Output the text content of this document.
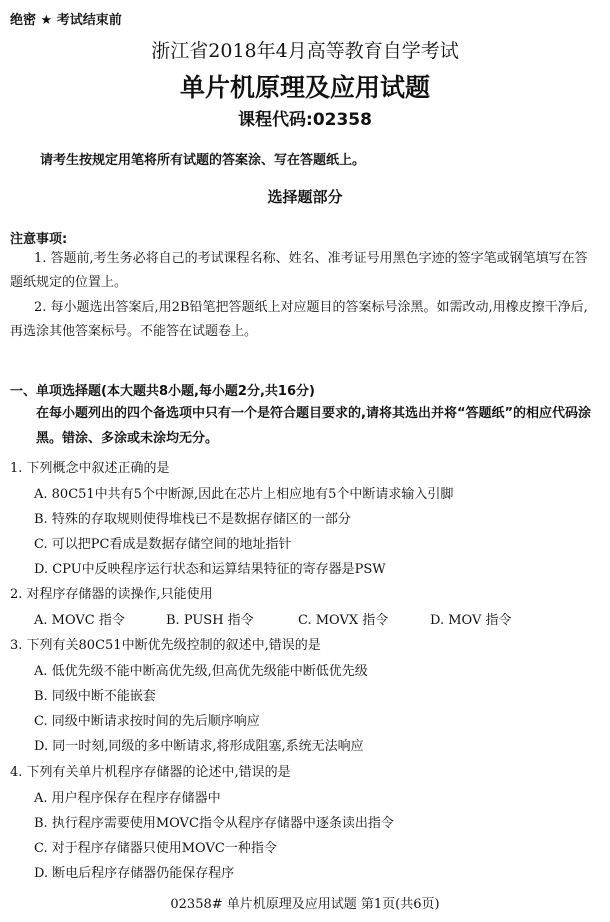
绝密 ★ 考试结束前
浙江省2018年4月高等教育自学考试
单片机原理及应用试题
课程代码:02358
请考生按规定用笔将所有试题的答案涂、写在答题纸上。
选择题部分
注意事项:
1. 答题前,考生务必将自己的考试课程名称、姓名、准考证号用黑色字迹的签字笔或钢笔填写在答题纸规定的位置上。
2. 每小题选出答案后,用2B铅笔把答题纸上对应题目的答案标号涂黑。如需改动,用橡皮擦干净后,再选涂其他答案标号。不能答在试题卷上。
一、单项选择题(本大题共8小题,每小题2分,共16分)
在每小题列出的四个备选项中只有一个是符合题目要求的,请将其选出并将“答题纸”的相应代码涂黑。错涂、多涂或未涂均无分。
1. 下列概念中叙述正确的是
A. 80C51中共有5个中断源,因此在芯片上相应地有5个中断请求输入引脚
B. 特殊的存取规则使得堆栈已不是数据存储区的一部分
C. 可以把PC看成是数据存储空间的地址指针
D. CPU中反映程序运行状态和运算结果特征的寄存器是PSW
2. 对程序存储器的读操作,只能使用
A. MOVC 指令	B. PUSH 指令	C. MOVX 指令	D. MOV 指令
3. 下列有关80C51中断优先级控制的叙述中,错误的是
A. 低优先级不能中断高优先级,但高优先级能中断低优先级
B. 同级中断不能嵌套
C. 同级中断请求按时间的先后顺序响应
D. 同一时刻,同级的多中断请求,将形成阻塞,系统无法响应
4. 下列有关单片机程序存储器的论述中,错误的是
A. 用户程序保存在程序存储器中
B. 执行程序需要使用MOVC指令从程序存储器中逐条读出指令
C. 对于程序存储器只使用MOVC一种指令
D. 断电后程序存储器仍能保存程序
02358# 单片机原理及应用试题 第1页(共6页)
